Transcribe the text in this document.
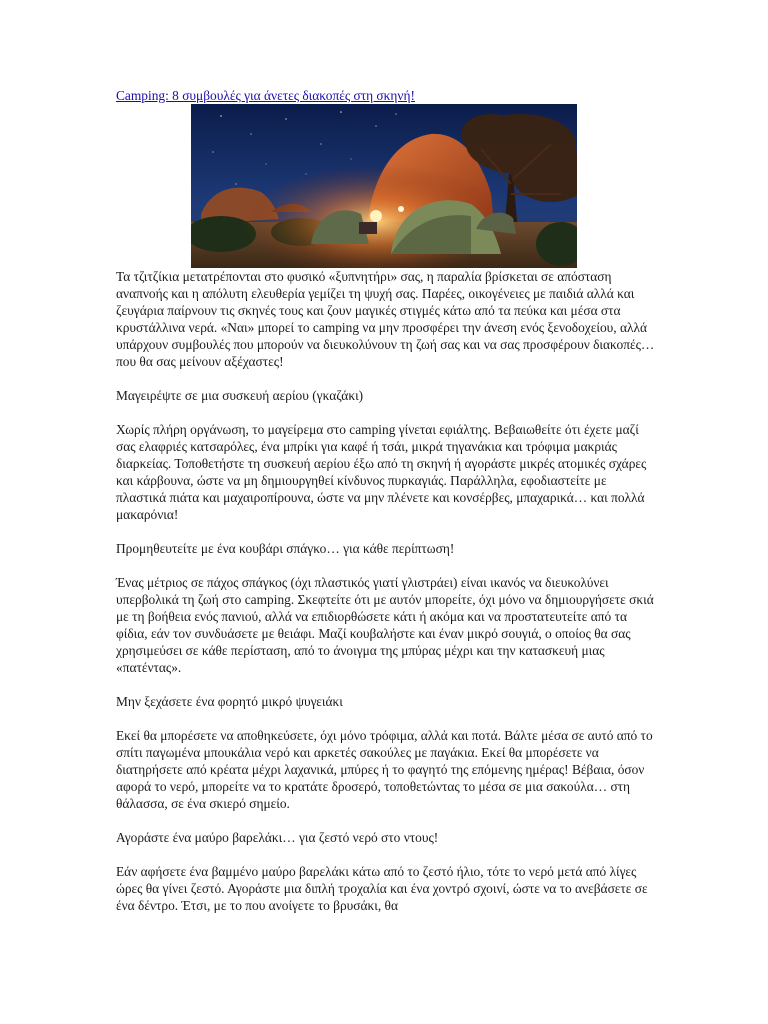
Camping: 8 συμβουλές για άνετες διακοπές στη σκηνή!

Τα τζιτζίκια μετατρέπονται στο φυσικό «ξυπνητήρι» σας, η παραλία βρίσκεται σε απόσταση αναπνοής και η απόλυτη ελευθερία γεμίζει τη ψυχή σας. Παρέες, οικογένειες με παιδιά αλλά και ζευγάρια παίρνουν τις σκηνές τους και ζουν μαγικές στιγμές κάτω από τα πεύκα και μέσα στα κρυστάλλινα νερά. «Ναι» μπορεί το camping να μην προσφέρει την άνεση ενός ξενοδοχείου, αλλά υπάρχουν συμβουλές που μπορούν να διευκολύνουν τη ζωή σας και να σας προσφέρουν διακοπές… που θα σας μείνουν αξέχαστες!

Μαγειρέψτε σε μια συσκευή αερίου (γκαζάκι)

Χωρίς πλήρη οργάνωση, το μαγείρεμα στο camping γίνεται εφιάλτης. Βεβαιωθείτε ότι έχετε μαζί σας ελαφριές κατσαρόλες, ένα μπρίκι για καφέ ή τσάι, μικρά τηγανάκια και τρόφιμα μακριάς διαρκείας. Τοποθετήστε τη συσκευή αερίου έξω από τη σκηνή ή αγοράστε μικρές ατομικές σχάρες και κάρβουνα, ώστε να μη δημιουργηθεί κίνδυνος πυρκαγιάς. Παράλληλα, εφοδιαστείτε με πλαστικά πιάτα και μαχαιροπίρουνα, ώστε να μην πλένετε και κονσέρβες, μπαχαρικά… και πολλά μακαρόνια!

Προμηθευτείτε με ένα κουβάρι σπάγκο… για κάθε περίπτωση!

Ένας μέτριος σε πάχος σπάγκος (όχι πλαστικός γιατί γλιστράει) είναι ικανός να διευκολύνει υπερβολικά τη ζωή στο camping. Σκεφτείτε ότι με αυτόν μπορείτε, όχι μόνο να δημιουργήσετε σκιά με τη βοήθεια ενός πανιού, αλλά να επιδιορθώσετε κάτι ή ακόμα και να προστατευτείτε από τα φίδια, εάν τον συνδυάσετε με θειάφι. Μαζί κουβαλήστε και έναν μικρό σουγιά, ο οποίος θα σας χρησιμεύσει σε κάθε περίσταση, από το άνοιγμα της μπύρας μέχρι και την κατασκευή μιας «πατέντας».

Μην ξεχάσετε ένα φορητό μικρό ψυγειάκι

Εκεί θα μπορέσετε να αποθηκεύσετε, όχι μόνο τρόφιμα, αλλά και ποτά. Βάλτε μέσα σε αυτό από το σπίτι παγωμένα μπουκάλια νερό και αρκετές σακούλες με παγάκια. Εκεί θα μπορέσετε να διατηρήσετε από κρέατα μέχρι λαχανικά, μπύρες ή το φαγητό της επόμενης ημέρας! Βέβαια, όσον αφορά το νερό, μπορείτε να το κρατάτε δροσερό, τοποθετώντας το μέσα σε μια σακούλα… στη θάλασσα, σε ένα σκιερό σημείο.

Αγοράστε ένα μαύρο βαρελάκι… για ζεστό νερό στο ντους!

Εάν αφήσετε ένα βαμμένο μαύρο βαρελάκι κάτω από το ζεστό ήλιο, τότε το νερό μετά από λίγες ώρες θα γίνει ζεστό. Αγοράστε μια διπλή τροχαλία και ένα χοντρό σχοινί, ώστε να το ανεβάσετε σε ένα δέντρο. Έτσι, με το που ανοίγετε το βρυσάκι, θα
